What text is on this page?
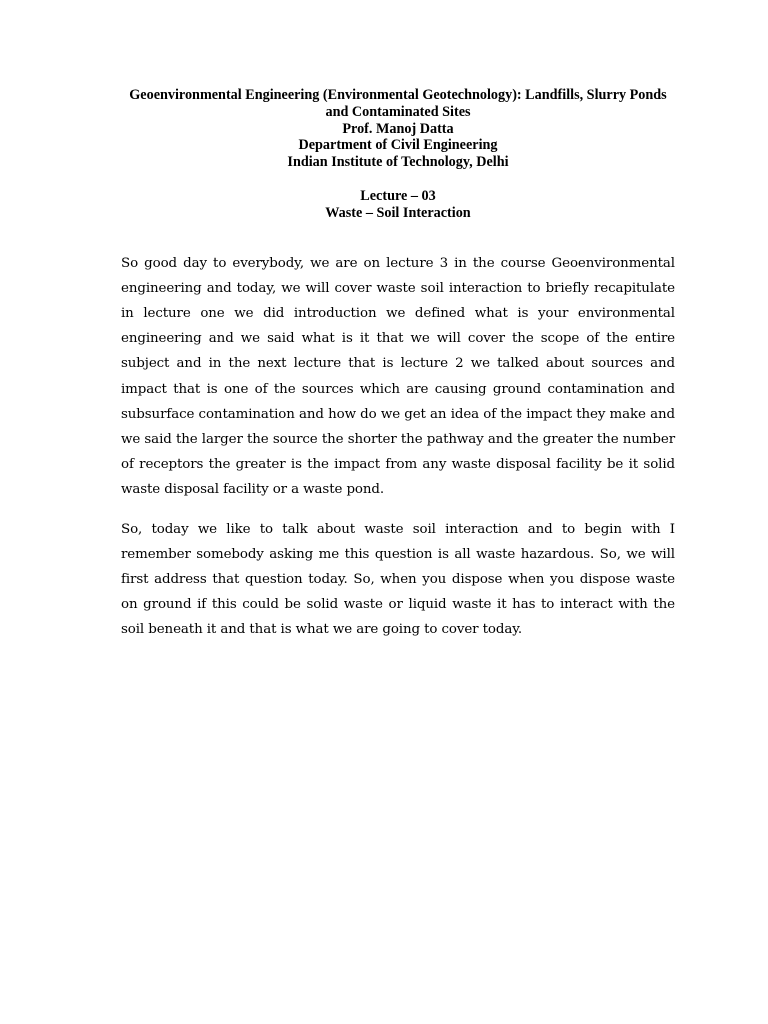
Geoenvironmental Engineering (Environmental Geotechnology): Landfills, Slurry Ponds and Contaminated Sites
Prof. Manoj Datta
Department of Civil Engineering
Indian Institute of Technology, Delhi
Lecture – 03
Waste – Soil Interaction

So good day to everybody, we are on lecture 3 in the course Geoenvironmental engineering and today, we will cover waste soil interaction to briefly recapitulate in lecture one we did introduction we defined what is your environmental engineering and we said what is it that we will cover the scope of the entire subject and in the next lecture that is lecture 2 we talked about sources and impact that is one of the sources which are causing ground contamination and subsurface contamination and how do we get an idea of the impact they make and we said the larger the source the shorter the pathway and the greater the number of receptors the greater is the impact from any waste disposal facility be it solid waste disposal facility or a waste pond.

So, today we like to talk about waste soil interaction and to begin with I remember somebody asking me this question is all waste hazardous. So, we will first address that question today. So, when you dispose when you dispose waste on ground if this could be solid waste or liquid waste it has to interact with the soil beneath it and that is what we are going to cover today.
